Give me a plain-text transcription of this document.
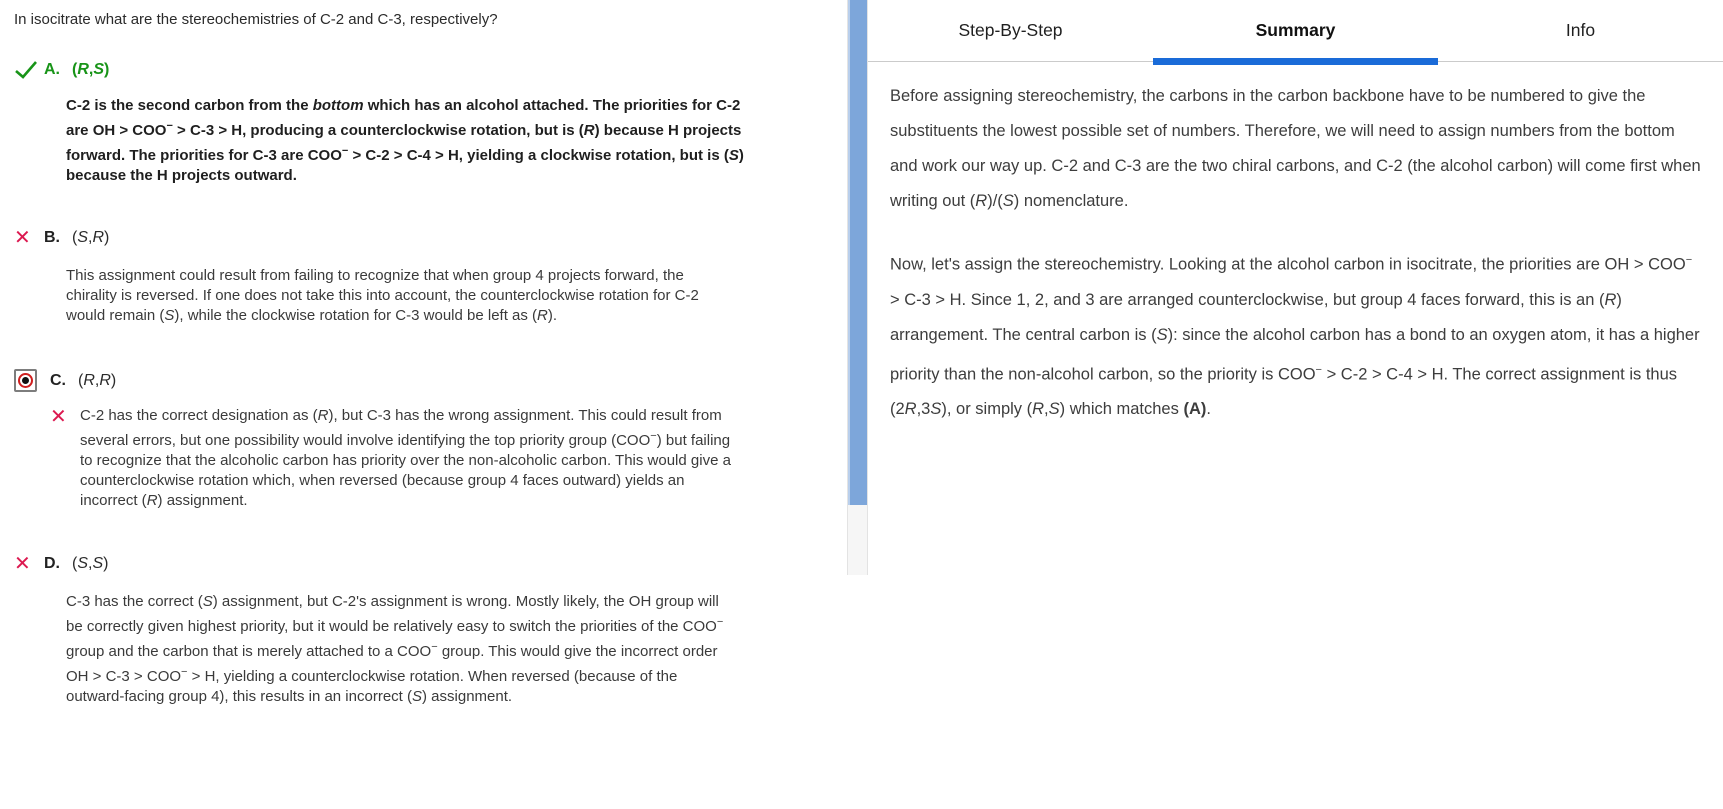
In isocitrate what are the stereochemistries of C-2 and C-3, respectively?
A. (R,S)
C-2 is the second carbon from the bottom which has an alcohol attached. The priorities for C-2 are OH > COO− > C-3 > H, producing a counterclockwise rotation, but is (R) because H projects forward. The priorities for C-3 are COO− > C-2 > C-4 > H, yielding a clockwise rotation, but is (S) because the H projects outward.
✕ B. (S,R)
This assignment could result from failing to recognize that when group 4 projects forward, the chirality is reversed. If one does not take this into account, the counterclockwise rotation for C-2 would remain (S), while the clockwise rotation for C-3 would be left as (R).
C. (R,R)
✕ C-2 has the correct designation as (R), but C-3 has the wrong assignment. This could result from several errors, but one possibility would involve identifying the top priority group (COO−) but failing to recognize that the alcoholic carbon has priority over the non-alcoholic carbon. This would give a counterclockwise rotation which, when reversed (because group 4 faces outward) yields an incorrect (R) assignment.
✕ D. (S,S)
C-3 has the correct (S) assignment, but C-2's assignment is wrong. Mostly likely, the OH group will be correctly given highest priority, but it would be relatively easy to switch the priorities of the COO− group and the carbon that is merely attached to a COO− group. This would give the incorrect order OH > C-3 > COO− > H, yielding a counterclockwise rotation. When reversed (because of the outward-facing group 4), this results in an incorrect (S) assignment.
Step-By-Step	Summary	Info

Before assigning stereochemistry, the carbons in the carbon backbone have to be numbered to give the substituents the lowest possible set of numbers. Therefore, we will need to assign numbers from the bottom and work our way up. C-2 and C-3 are the two chiral carbons, and C-2 (the alcohol carbon) will come first when writing out (R)/(S) nomenclature.

Now, let's assign the stereochemistry. Looking at the alcohol carbon in isocitrate, the priorities are OH > COO− > C-3 > H. Since 1, 2, and 3 are arranged counterclockwise, but group 4 faces forward, this is an (R) arrangement. The central carbon is (S): since the alcohol carbon has a bond to an oxygen atom, it has a higher priority than the non-alcohol carbon, so the priority is COO− > C-2 > C-4 > H. The correct assignment is thus (2R,3S), or simply (R,S) which matches (A).
